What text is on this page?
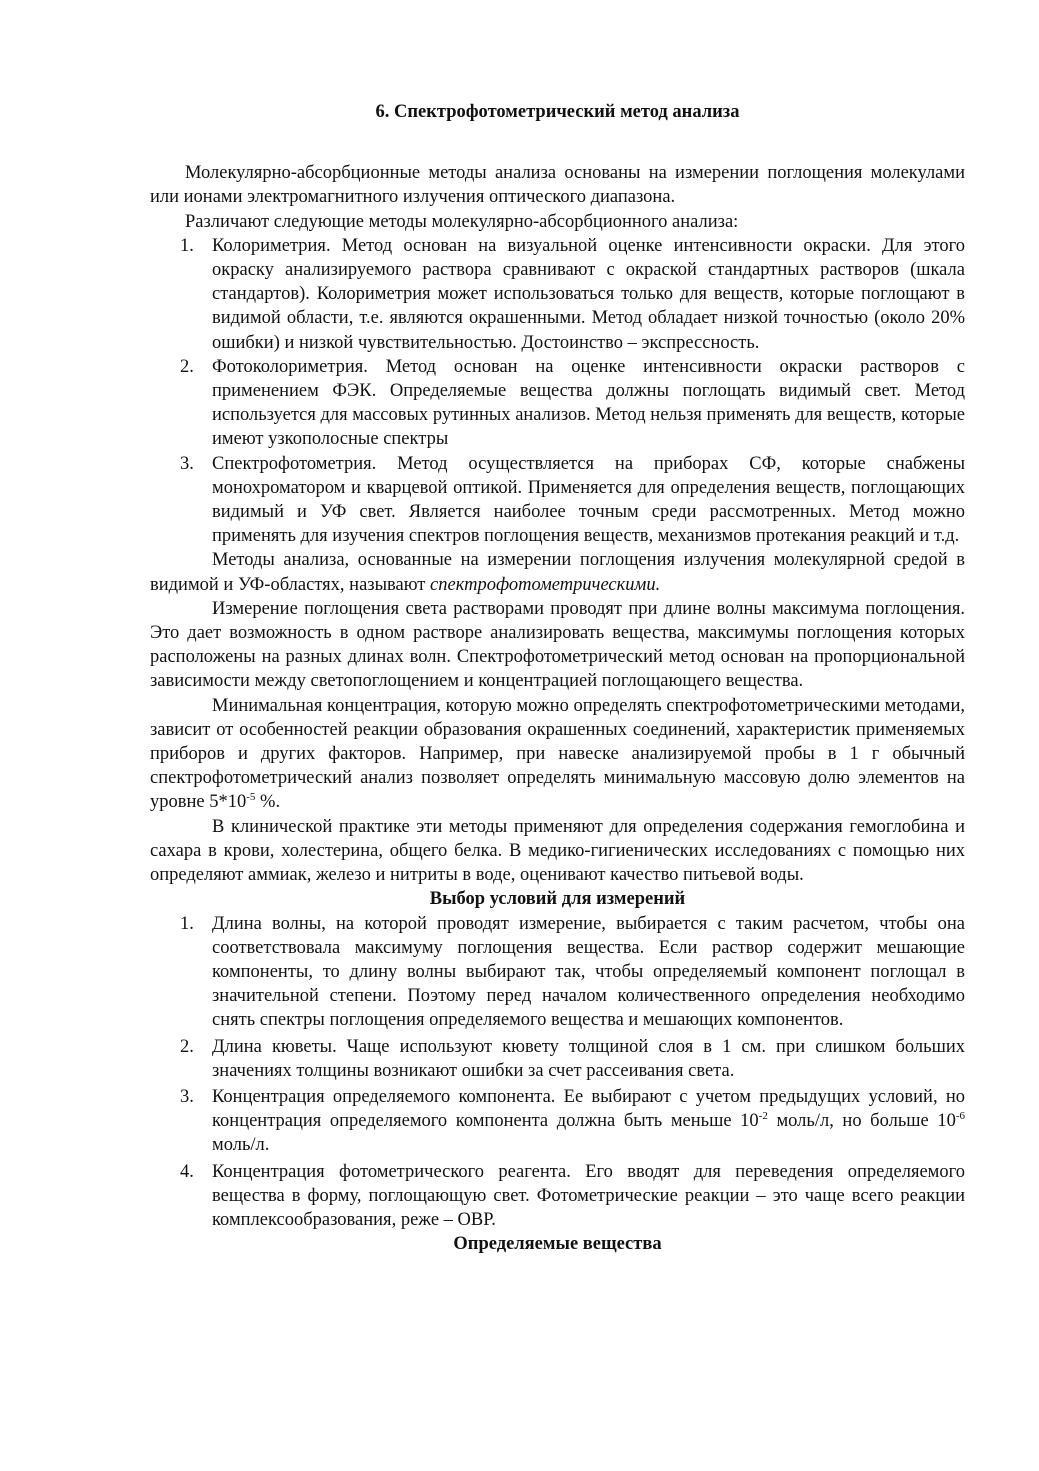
6. Спектрофотометрический метод анализа

Молекулярно-абсорбционные методы анализа основаны на измерении поглощения молекулами или ионами электромагнитного излучения оптического диапазона.

Различают следующие методы молекулярно-абсорбционного анализа:

1. Колориметрия. Метод основан на визуальной оценке интенсивности окраски. Для этого окраску анализируемого раствора сравнивают с окраской стандартных растворов (шкала стандартов). Колориметрия может использоваться только для веществ, которые поглощают в видимой области, т.е. являются окрашенными. Метод обладает низкой точностью (около 20% ошибки) и низкой чувствительностью. Достоинство – экспрессность.
2. Фотоколориметрия. Метод основан на оценке интенсивности окраски растворов с применением ФЭК. Определяемые вещества должны поглощать видимый свет. Метод используется для массовых рутинных анализов. Метод нельзя применять для веществ, которые имеют узкополосные спектры
3. Спектрофотометрия. Метод осуществляется на приборах СФ, которые снабжены монохроматором и кварцевой оптикой. Применяется для определения веществ, поглощающих видимый и УФ свет. Является наиболее точным среди рассмотренных. Метод можно применять для изучения спектров поглощения веществ, механизмов протекания реакций и т.д.

Методы анализа, основанные на измерении поглощения излучения молекулярной средой в видимой и УФ-областях, называют спектрофотометрическими.

Измерение поглощения света растворами проводят при длине волны максимума поглощения. Это дает возможность в одном растворе анализировать вещества, максимумы поглощения которых расположены на разных длинах волн. Спектрофотометрический метод основан на пропорциональной зависимости между светопоглощением и концентрацией поглощающего вещества.

Минимальная концентрация, которую можно определять спектрофотометрическими методами, зависит от особенностей реакции образования окрашенных соединений, характеристик применяемых приборов и других факторов. Например, при навеске анализируемой пробы в 1 г обычный спектрофотометрический анализ позволяет определять минимальную массовую долю элементов на уровне $5*10^{-5}$ %.

В клинической практике эти методы применяют для определения содержания гемоглобина и сахара в крови, холестерина, общего белка. В медико-гигиенических исследованиях с помощью них определяют аммиак, железо и нитриты в воде, оценивают качество питьевой воды.

Выбор условий для измерений

1. Длина волны, на которой проводят измерение, выбирается с таким расчетом, чтобы она соответствовала максимуму поглощения вещества. Если раствор содержит мешающие компоненты, то длину волны выбирают так, чтобы определяемый компонент поглощал в значительной степени. Поэтому перед началом количественного определения необходимо снять спектры поглощения определяемого вещества и мешающих компонентов.
2. Длина кюветы. Чаще используют кювету толщиной слоя в 1 см. при слишком больших значениях толщины возникают ошибки за счет рассеивания света.
3. Концентрация определяемого компонента. Ее выбирают с учетом предыдущих условий, но концентрация определяемого компонента должна быть меньше $10^{-2}$ моль/л, но больше $10^{-6}$ моль/л.
4. Концентрация фотометрического реагента. Его вводят для переведения определяемого вещества в форму, поглощающую свет. Фотометрические реакции – это чаще всего реакции комплексообразования, реже – ОВР.

Определяемые вещества
